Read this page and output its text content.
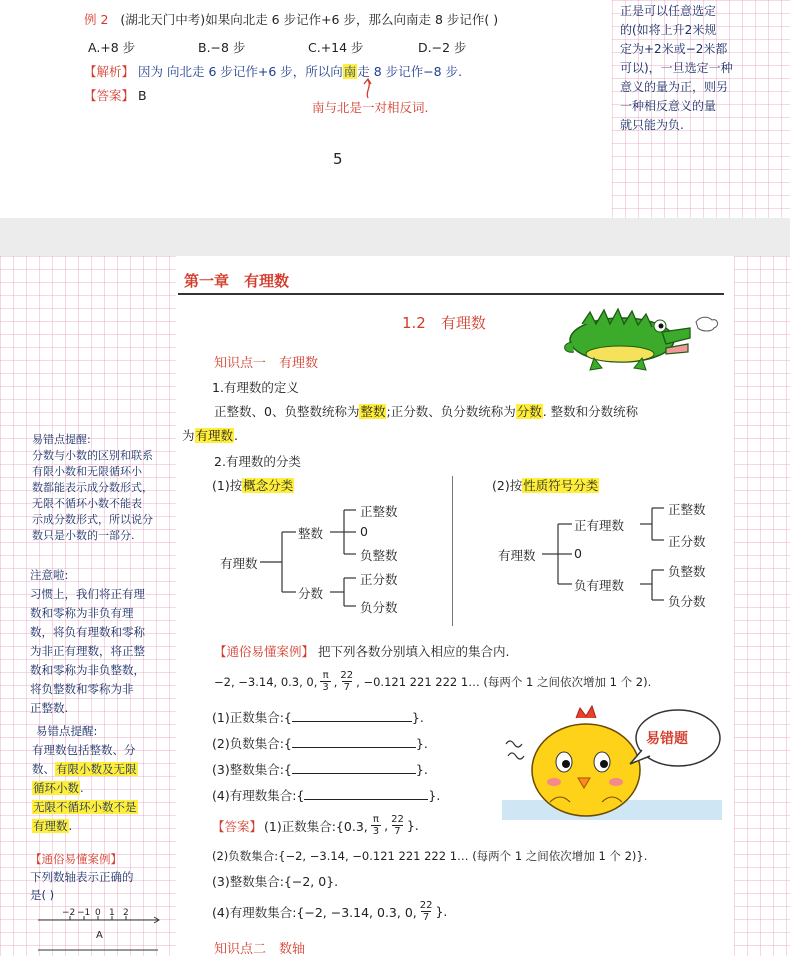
例 2 (湖北天门中考)如果向北走 6 步记作+6 步，那么向南走 8 步记作( )
A.+8 步	B.−8 步	C.+14 步	D.−2 步
【解析】 因为 向北走 6 步记作+6 步，所以向南走 8 步记作−8 步.
【答案】 B
南与北是一对相反词.
5
正是可以任意选定
的(如将上升2米规
定为+2米或−2米都
可以)，一旦选定一种
意义的量为正，则另
一种相反意义的量
就只能为负.
易错点提醒:
分数与小数的区别和联系
有限小数和无限循环小
数都能表示成分数形式，
无限不循环小数不能表
示成分数形式，所以说分
数只是小数的一部分.
注意啦:
习惯上，我们将正有理
数和零称为非负有理
数，将负有理数和零称
为非正有理数，将正整
数和零称为非负整数，
将负整数和零称为非
正整数.
易错点提醒:
有理数包括整数、分
数、有限小数及无限
循环小数.
无限不循环小数不是
有理数.
【通俗易懂案例】
下列数轴表示正确的
是( )
−2 −1 0 1 2
A
第一章　有理数
1.2　有理数
知识点一　有理数
1.有理数的定义
正整数、0、负整数统称为整数;正分数、负分数统称为分数. 整数和分数统称
为有理数.
2.有理数的分类
(1)按概念分类	(2)按性质符号分类
有理数
整数
分数
正整数
0
负整数
正分数
负分数
有理数
正有理数
0
负有理数
正整数
正分数
负整数
负分数
【通俗易懂案例】 把下列各数分别填入相应的集合内.
−2, −3.14, 0.3, 0, $\frac{\pi}{3}$ , $\frac{22}{7}$ , −0.121 221 222 1… (每两个 1 之间依次增加 1 个 2).
(1)正数集合:{	}.
(2)负数集合:{	}.
(3)整数集合:{	}.
(4)有理数集合:{	}.
易错题
【答案】 (1)正数集合:{0.3, $\frac{\pi}{3}$ , $\frac{22}{7}$ }.
(2)负数集合:{−2, −3.14, −0.121 221 222 1… (每两个 1 之间依次增加 1 个 2)}.
(3)整数集合:{−2, 0}.
(4)有理数集合:{−2, −3.14, 0.3, 0, $\frac{22}{7}$ }.
知识点二　数轴
